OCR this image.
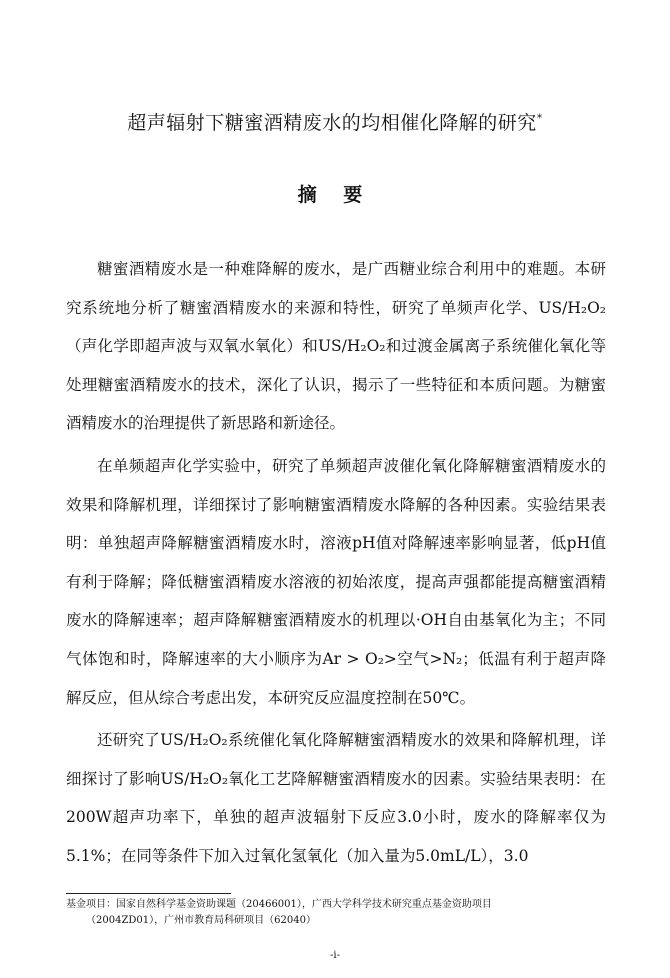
超声辐射下糖蜜酒精废水的均相催化降解的研究*
摘 要

糖蜜酒精废水是一种难降解的废水，是广西糖业综合利用中的难题。本研究系统地分析了糖蜜酒精废水的来源和特性，研究了单频声化学、US/H₂O₂（声化学即超声波与双氧水氧化）和US/H₂O₂和过渡金属离子系统催化氧化等处理糖蜜酒精废水的技术，深化了认识，揭示了一些特征和本质问题。为糖蜜酒精废水的治理提供了新思路和新途径。

在单频超声化学实验中，研究了单频超声波催化氧化降解糖蜜酒精废水的效果和降解机理，详细探讨了影响糖蜜酒精废水降解的各种因素。实验结果表明：单独超声降解糖蜜酒精废水时，溶液pH值对降解速率影响显著，低pH值有利于降解；降低糖蜜酒精废水溶液的初始浓度，提高声强都能提高糖蜜酒精废水的降解速率；超声降解糖蜜酒精废水的机理以·OH自由基氧化为主；不同气体饱和时，降解速率的大小顺序为Ar > O₂>空气>N₂；低温有利于超声降解反应，但从综合考虑出发，本研究反应温度控制在50℃。

还研究了US/H₂O₂系统催化氧化降解糖蜜酒精废水的效果和降解机理，详细探讨了影响US/H₂O₂氧化工艺降解糖蜜酒精废水的因素。实验结果表明：在200W超声功率下，单独的超声波辐射下反应3.0小时，废水的降解率仅为5.1%；在同等条件下加入过氧化氢氧化（加入量为5.0mL/L），3.0

基金项目：国家自然科学基金资助课题（20466001），广西大学科学技术研究重点基金资助项目
（2004ZD01），广州市教育局科研项目（62040）
-i-
